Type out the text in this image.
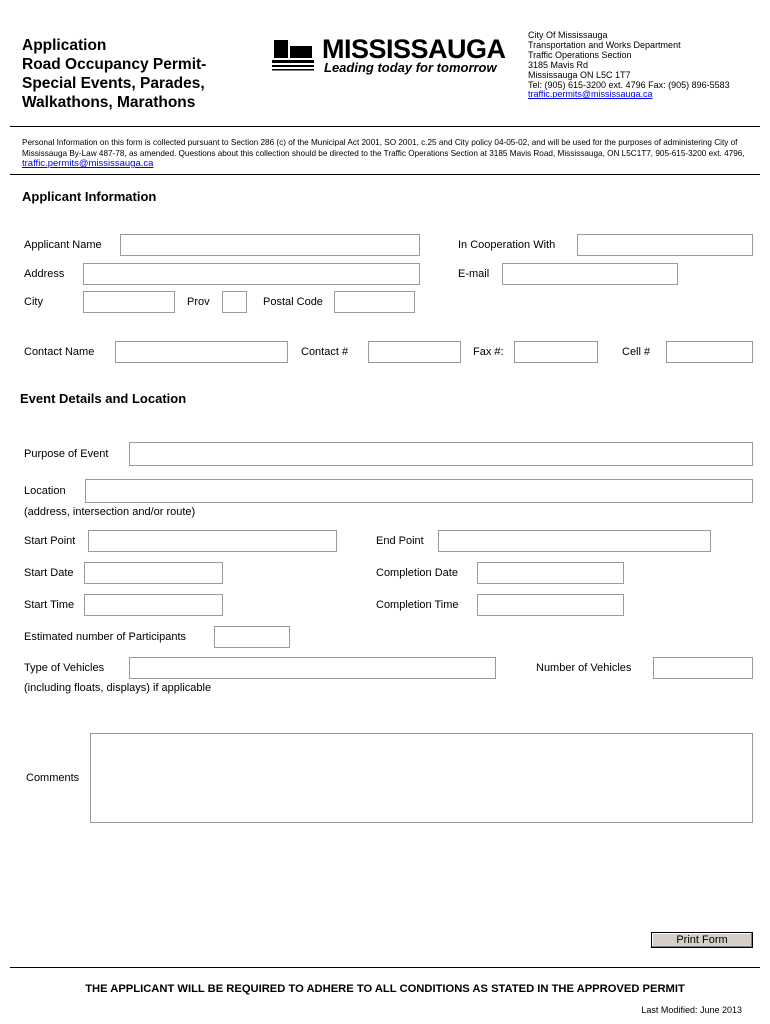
Application
Road Occupancy Permit-
Special Events, Parades,
Walkathons, Marathons
MISSISSAUGA
Leading today for tomorrow
City Of Mississauga
Transportation and Works Department
Traffic Operations Section
3185 Mavis Rd
Mississauga ON L5C 1T7
Tel: (905) 615-3200 ext. 4796 Fax: (905) 896-5583
traffic.permits@mississauga.ca
Personal Information on this form is collected pursuant to Section 286 (c) of the Municipal Act 2001, SO 2001, c.25 and City policy 04-05-02, and will be used for the purposes of administering City of Mississauga By-Law 487-78, as amended. Questions about this collection should be directed to the Traffic Operations Section at 3185 Mavis Road, Mississauga, ON L5C1T7, 905-615-3200 ext. 4796, traffic.permits@mississauga.ca
Applicant Information
Applicant Name	In Cooperation With
Address	E-mail
City	Prov	Postal Code
Contact Name	Contact #	Fax #:	Cell #
Event Details and Location
Purpose of Event
Location
(address, intersection and/or route)
Start Point	End Point
Start Date	Completion Date
Start Time	Completion Time
Estimated number of Participants
Type of Vehicles	Number of Vehicles
(including floats, displays) if applicable
Comments
Print Form
THE APPLICANT WILL BE REQUIRED TO ADHERE TO ALL CONDITIONS AS STATED IN THE APPROVED PERMIT
Last Modified: June 2013
